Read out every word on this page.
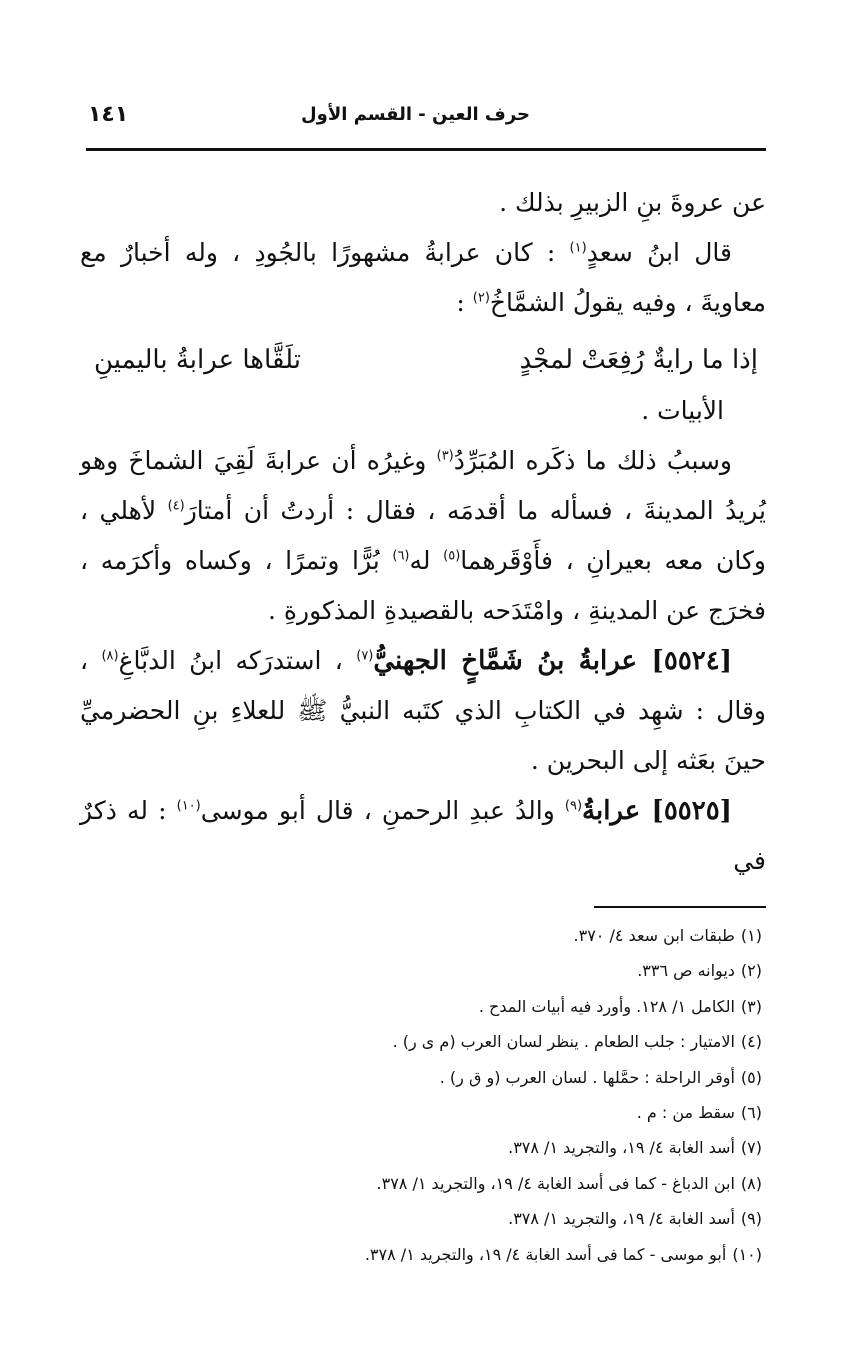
١٤١	حرف العين - القسم الأول

عن عروةَ بنِ الزبيرِ بذلك .

قال ابنُ سعدٍ$^{(١)}$ : كان عرابةُ مشهورًا بالجُودِ ، وله أخبارٌ مع معاويةَ ، وفيه يقولُ الشمَّاخُ$^{(٢)}$ :

إذا ما رايةٌ رُفِعَتْ لمجْدٍ
تلَقَّاها عرابةُ باليمينِ

الأبيات .

وسببُ ذلك ما ذكَره المُبَرِّدُ$^{(٣)}$ وغيرُه أن عرابةَ لَقِيَ الشماخَ وهو يُريدُ المدينةَ ، فسأله ما أقدمَه ، فقال : أردتُ أن أمتارَ$^{(٤)}$ لأهلي ، وكان معه بعيرانِ ، فأَوْقَرهما$^{(٥)}$ له$^{(٦)}$ بُرًّا وتمرًا ، وكساه وأكرَمه ، فخرَج عن المدينةِ ، وامْتَدَحه بالقصيدةِ المذكورةِ .

[٥٥٢٤] عرابةُ بنُ شَمَّاخٍ الجهنيُّ$^{(٧)}$ ، استدرَكه ابنُ الدبَّاغِ$^{(٨)}$ ، وقال : شهِد في الكتابِ الذي كتَبه النبيُّ ﷺ للعلاءِ بنِ الحضرميِّ حينَ بعَثه إلى البحرين .

[٥٥٢٥] عرابةُ$^{(٩)}$ والدُ عبدِ الرحمنِ ، قال أبو موسى$^{(١٠)}$ : له ذكرٌ في

(١)طبقات ابن سعد ٤/ ٣٧٠.
(٢)ديوانه ص ٣٣٦.
(٣)الكامل ١/ ١٢٨. وأورد فيه أبيات المدح .
(٤)الامتيار : جلب الطعام . ينظر لسان العرب (م ى ر) .
(٥)أوقر الراحلة : حمَّلها . لسان العرب (و ق ر) .
(٦)سقط من : م .
(٧)أسد الغابة ٤/ ١٩، والتجريد ١/ ٣٧٨.
(٨)ابن الدباغ - كما فى أسد الغابة ٤/ ١٩، والتجريد ١/ ٣٧٨.
(٩)أسد الغابة ٤/ ١٩، والتجريد ١/ ٣٧٨.
(١٠)أبو موسى - كما فى أسد الغابة ٤/ ١٩، والتجريد ١/ ٣٧٨.
